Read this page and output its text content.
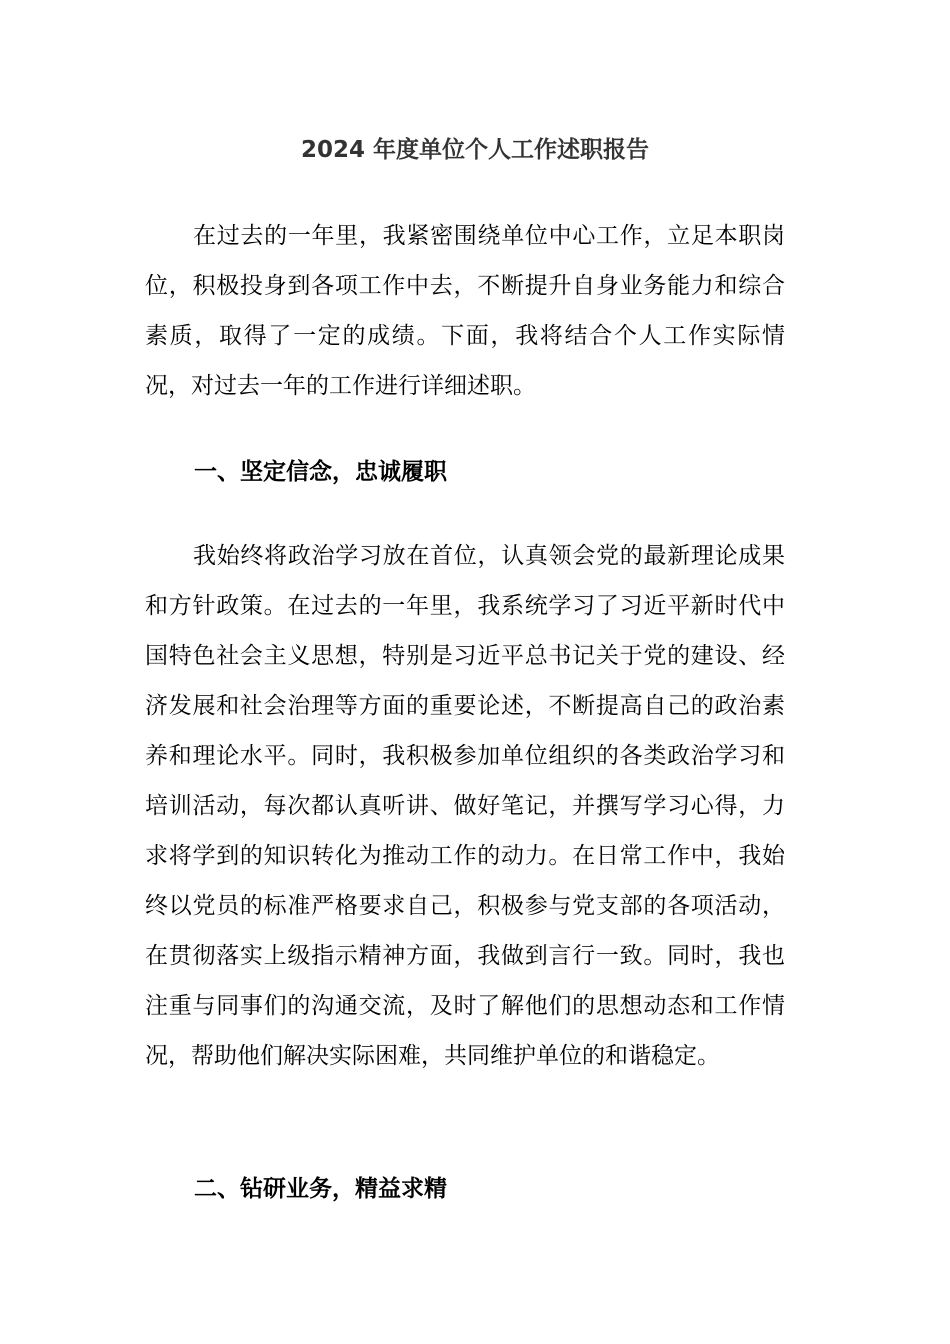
2024 年度单位个人工作述职报告

在过去的一年里，我紧密围绕单位中心工作，立足本职岗位，积极投身到各项工作中去，不断提升自身业务能力和综合素质，取得了一定的成绩。下面，我将结合个人工作实际情况，对过去一年的工作进行详细述职。

一、坚定信念，忠诚履职

我始终将政治学习放在首位，认真领会党的最新理论成果和方针政策。在过去的一年里，我系统学习了习近平新时代中国特色社会主义思想，特别是习近平总书记关于党的建设、经济发展和社会治理等方面的重要论述，不断提高自己的政治素养和理论水平。同时，我积极参加单位组织的各类政治学习和培训活动，每次都认真听讲、做好笔记，并撰写学习心得，力求将学到的知识转化为推动工作的动力。在日常工作中，我始终以党员的标准严格要求自己，积极参与党支部的各项活动，在贯彻落实上级指示精神方面，我做到言行一致。同时，我也注重与同事们的沟通交流，及时了解他们的思想动态和工作情况，帮助他们解决实际困难，共同维护单位的和谐稳定。

二、钻研业务，精益求精
